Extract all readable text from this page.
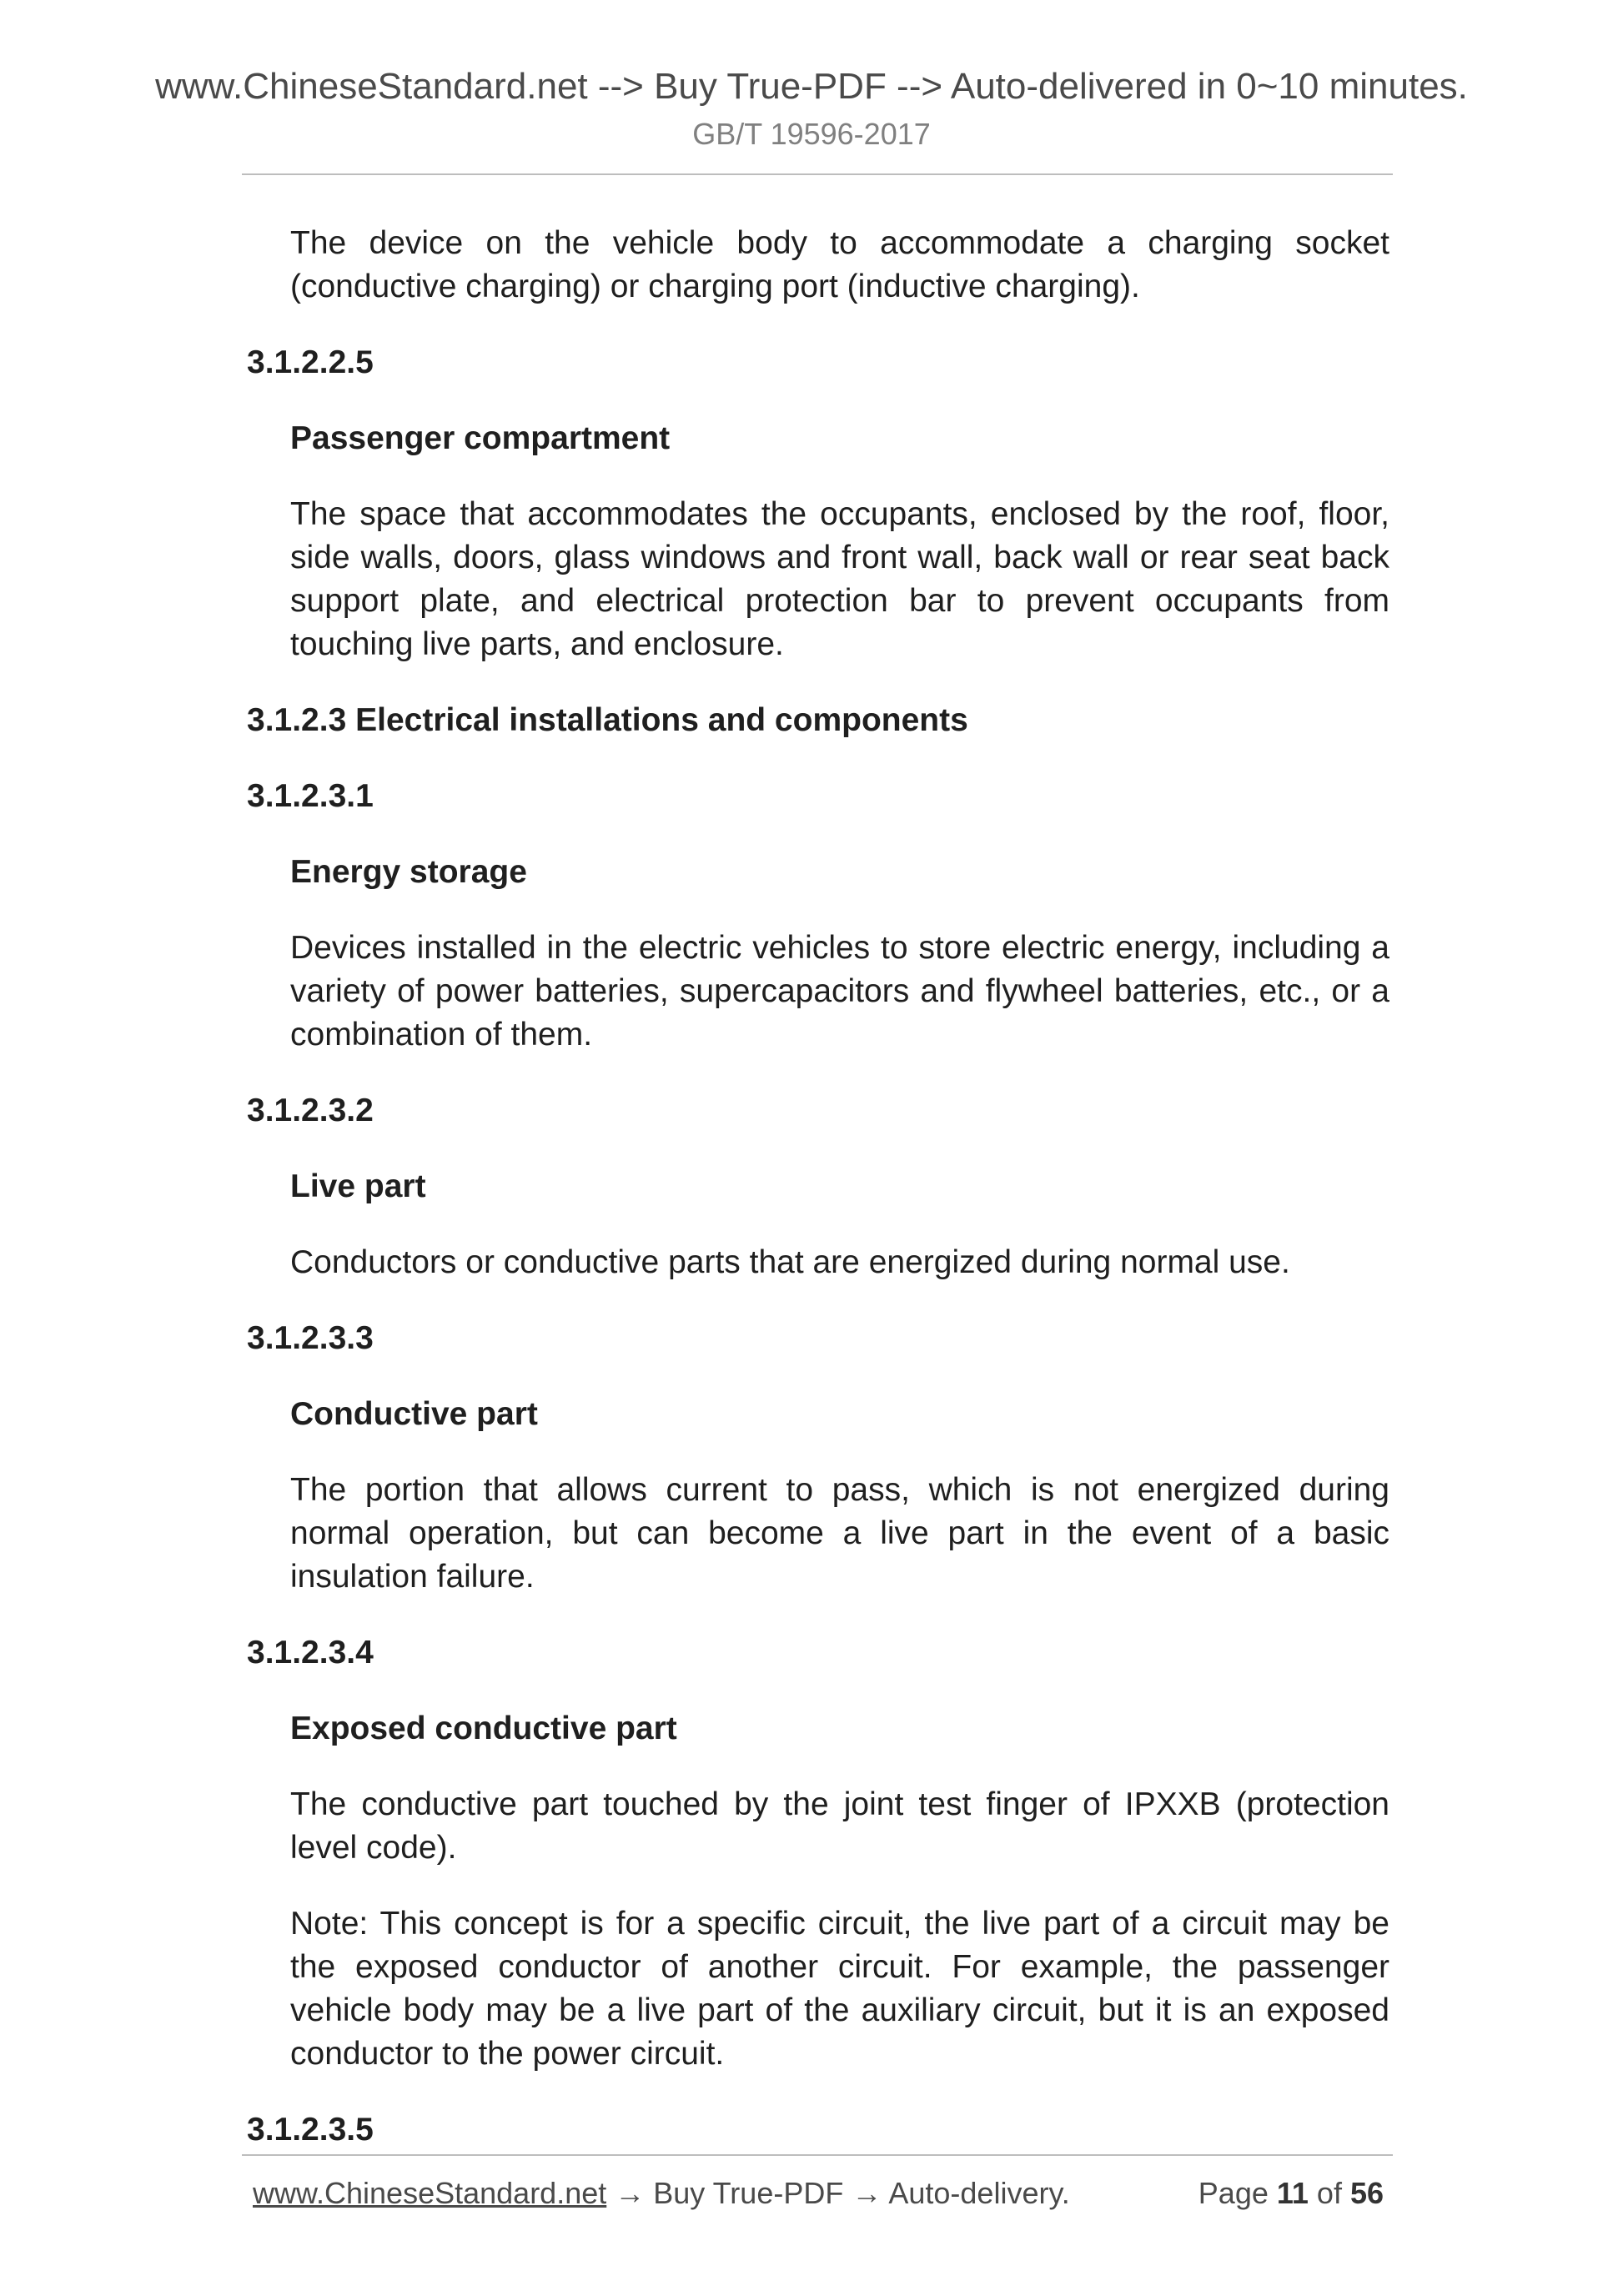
www.ChineseStandard.net --> Buy True-PDF --> Auto-delivered in 0~10 minutes.
GB/T 19596-2017

The device on the vehicle body to accommodate a charging socket (conductive charging) or charging port (inductive charging).

3.1.2.2.5

Passenger compartment

The space that accommodates the occupants, enclosed by the roof, floor, side walls, doors, glass windows and front wall, back wall or rear seat back support plate, and electrical protection bar to prevent occupants from touching live parts, and enclosure.

3.1.2.3 Electrical installations and components

3.1.2.3.1

Energy storage

Devices installed in the electric vehicles to store electric energy, including a variety of power batteries, supercapacitors and flywheel batteries, etc., or a combination of them.

3.1.2.3.2

Live part

Conductors or conductive parts that are energized during normal use.

3.1.2.3.3

Conductive part

The portion that allows current to pass, which is not energized during normal operation, but can become a live part in the event of a basic insulation failure.

3.1.2.3.4

Exposed conductive part

The conductive part touched by the joint test finger of IPXXB (protection level code).

Note: This concept is for a specific circuit, the live part of a circuit may be the exposed conductor of another circuit. For example, the passenger vehicle body may be a live part of the auxiliary circuit, but it is an exposed conductor to the power circuit.

3.1.2.3.5

www.ChineseStandard.net → Buy True-PDF → Auto-delivery.	Page 11 of 56
